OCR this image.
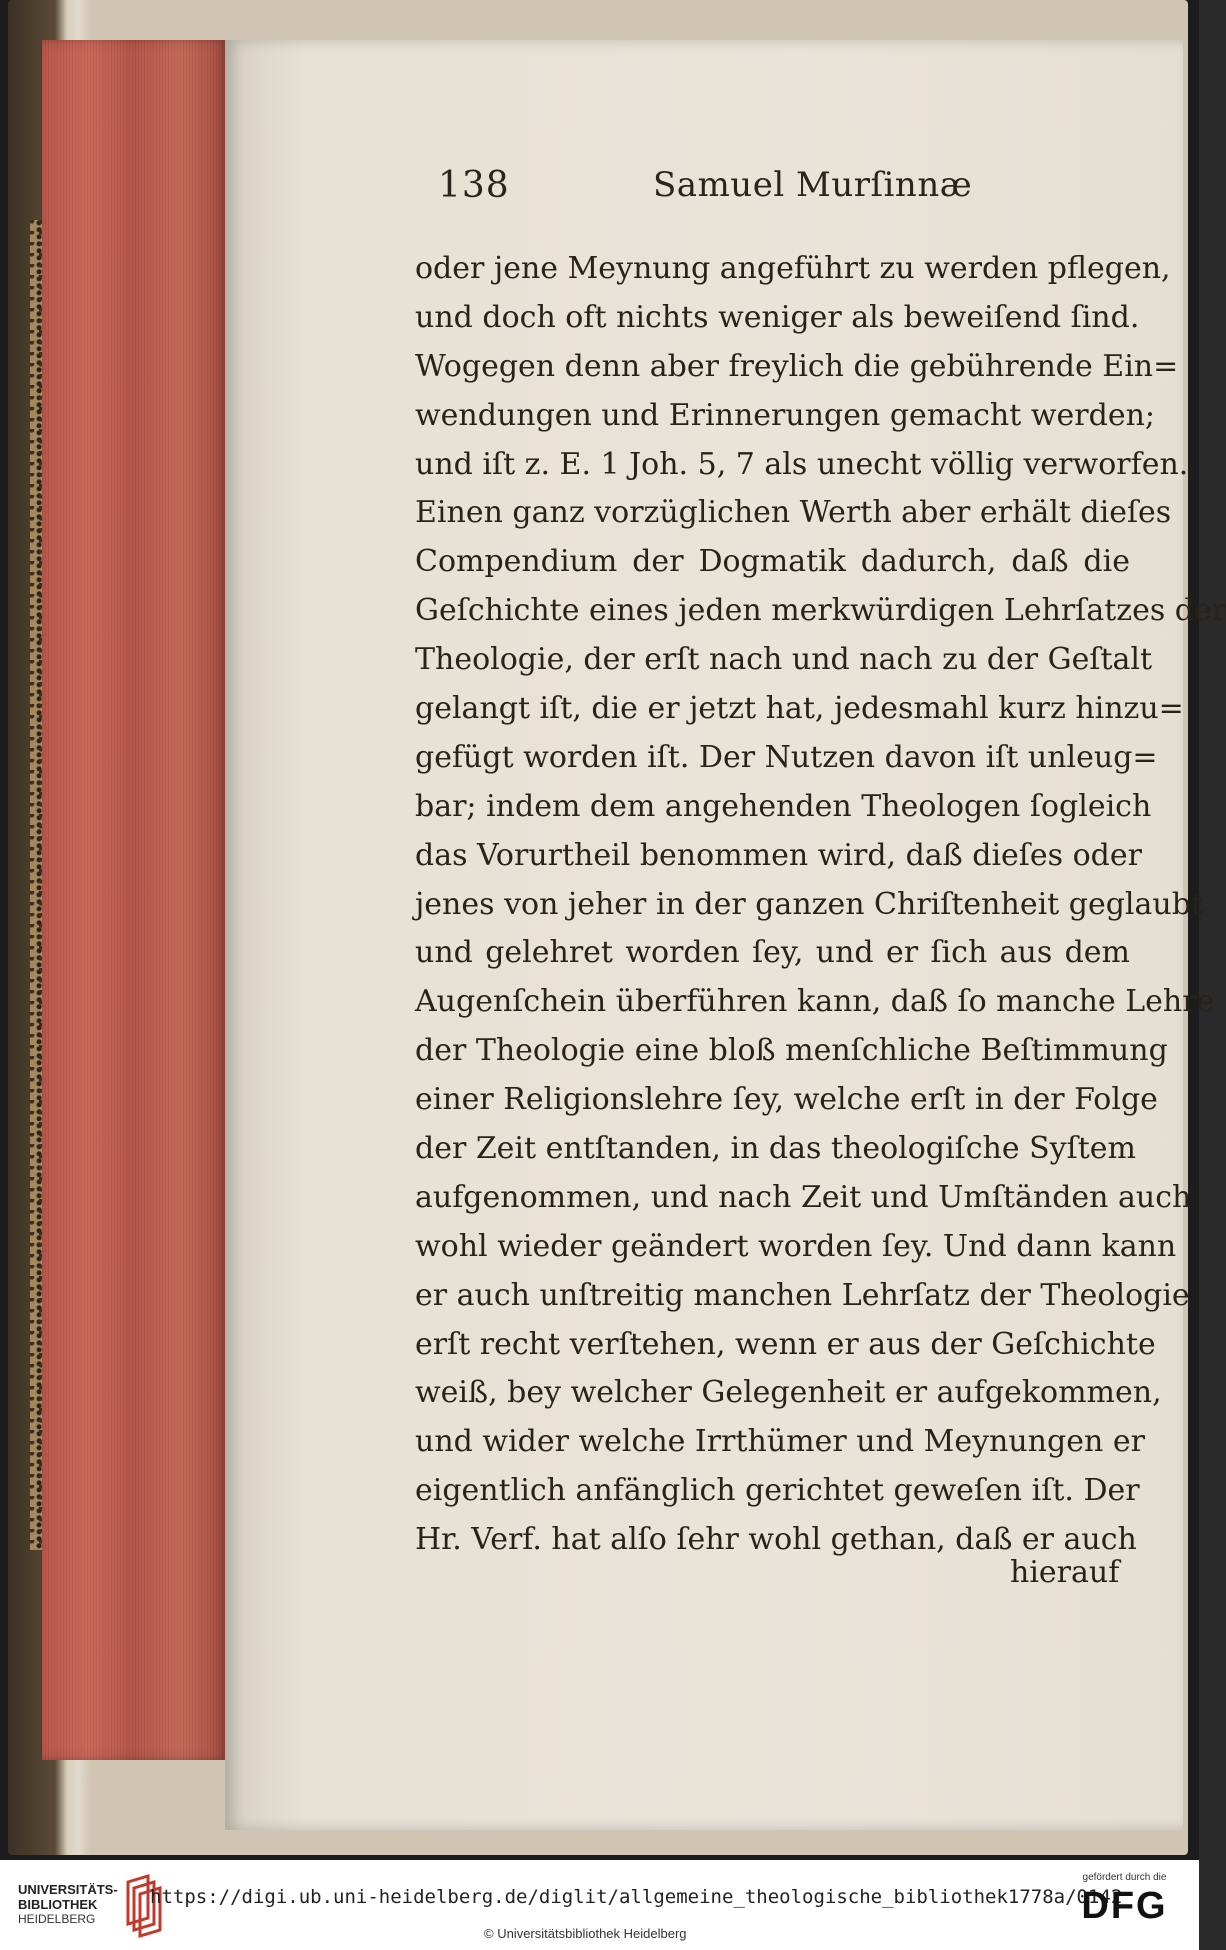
138	Samuel Murſinnæ
oder jene Meynung angeführt zu werden pflegen,
und doch oft nichts weniger als beweiſend ſind.
Wogegen denn aber freylich die gebührende Ein=
wendungen und Erinnerungen gemacht werden;
und iſt z. E. 1 Joh. 5, 7 als unecht völlig verworfen.
Einen ganz vorzüglichen Werth aber erhält dieſes
Compendium der Dogmatik dadurch, daß die
Geſchichte eines jeden merkwürdigen Lehrſatzes der
Theologie, der erſt nach und nach zu der Geſtalt
gelangt iſt, die er jetzt hat, jedesmahl kurz hinzu=
gefügt worden iſt. Der Nutzen davon iſt unleug=
bar; indem dem angehenden Theologen ſogleich
das Vorurtheil benommen wird, daß dieſes oder
jenes von jeher in der ganzen Chriſtenheit geglaubt
und gelehret worden ſey, und er ſich aus dem
Augenſchein überführen kann, daß ſo manche Lehre
der Theologie eine bloß menſchliche Beſtimmung
einer Religionslehre ſey, welche erſt in der Folge
der Zeit entſtanden, in das theologiſche Syſtem
aufgenommen, und nach Zeit und Umſtänden auch
wohl wieder geändert worden ſey. Und dann kann
er auch unſtreitig manchen Lehrſatz der Theologie
erſt recht verſtehen, wenn er aus der Geſchichte
weiß, bey welcher Gelegenheit er aufgekommen,
und wider welche Irrthümer und Meynungen er
eigentlich anfänglich gerichtet geweſen iſt. Der
Hr. Verf. hat alſo ſehr wohl gethan, daß er auch
hierauf
UNIVERSITÄTS-
BIBLIOTHEK
HEIDELBERG
https://digi.ub.uni-heidelberg.de/diglit/allgemeine_theologische_bibliothek1778a/0142
© Universitätsbibliothek Heidelberg
gefördert durch die
DFG
